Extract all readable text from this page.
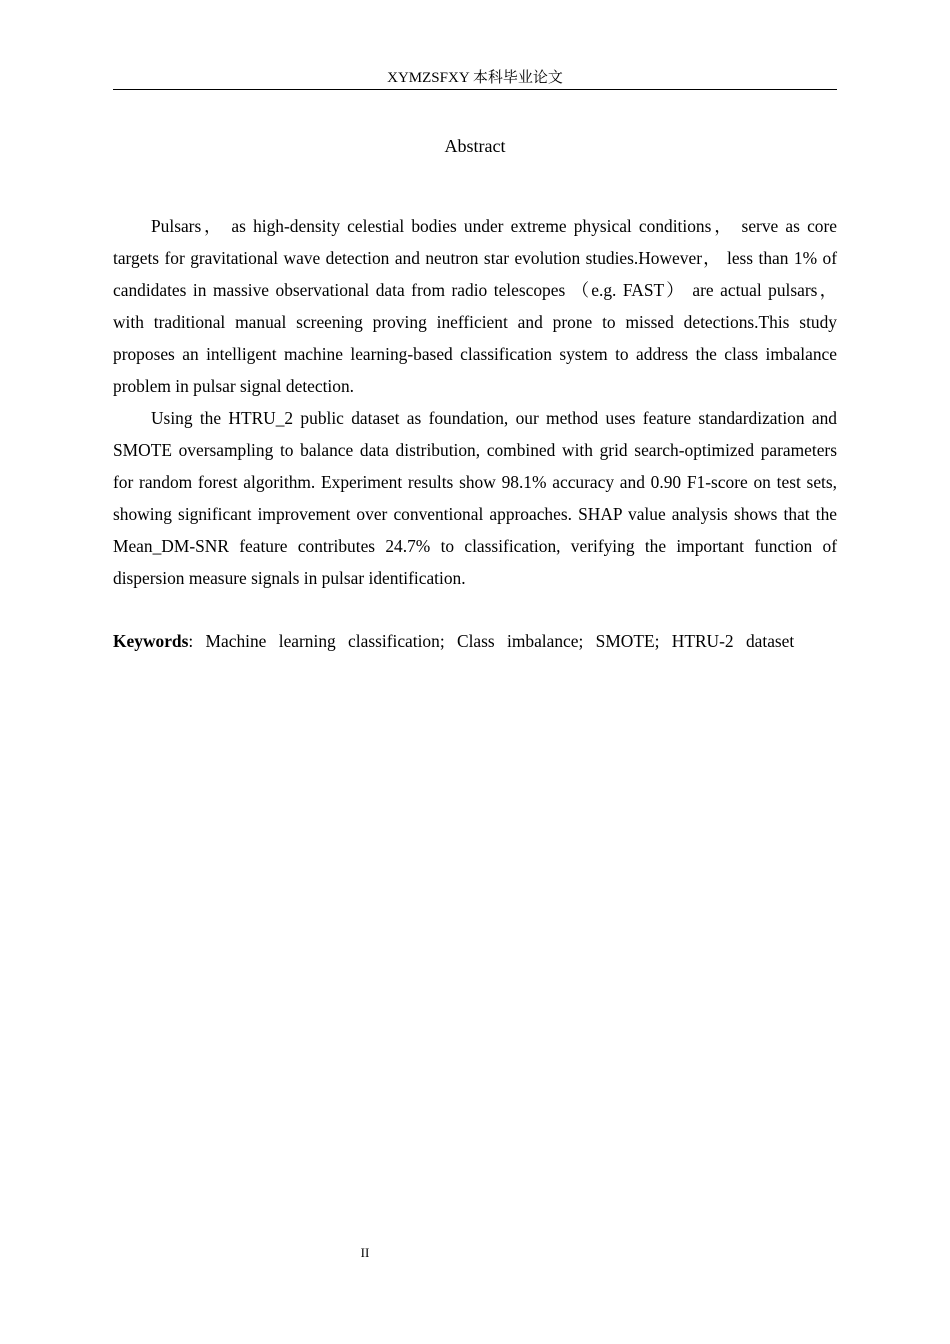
XYMZSFXY 本科毕业论文
Abstract

Pulsars， as high-density celestial bodies under extreme physical conditions， serve as core targets for gravitational wave detection and neutron star evolution studies.However， less than 1% of candidates in massive observational data from radio telescopes （e.g. FAST） are actual pulsars， with traditional manual screening proving inefficient and prone to missed detections.This study proposes an intelligent machine learning-based classification system to address the class imbalance problem in pulsar signal detection.

Using the HTRU_2 public dataset as foundation, our method uses feature standardization and SMOTE oversampling to balance data distribution, combined with grid search-optimized parameters for random forest algorithm. Experiment results show 98.1% accuracy and 0.90 F1-score on test sets, showing significant improvement over conventional approaches. SHAP value analysis shows that the Mean_DM-SNR feature contributes 24.7% to classification, verifying the important function of dispersion measure signals in pulsar identification.

Keywords: Machine learning classification; Class imbalance; SMOTE; HTRU-2 dataset
II
